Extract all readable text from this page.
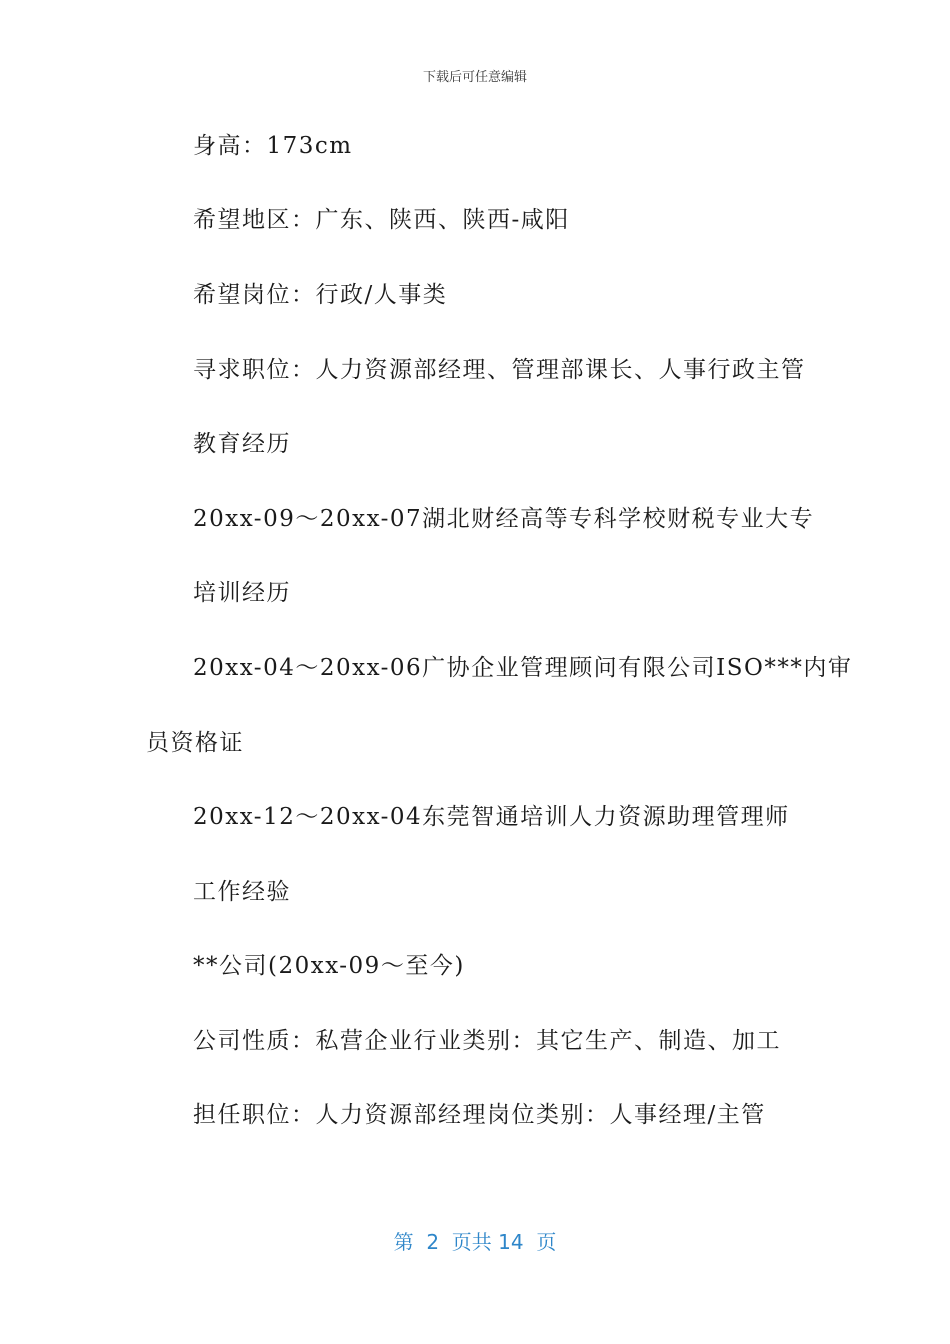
下载后可任意编辑
身高：173cm
希望地区：广东、陕西、陕西-咸阳
希望岗位：行政/人事类
寻求职位：人力资源部经理、管理部课长、人事行政主管
教育经历
20xx-09～20xx-07湖北财经高等专科学校财税专业大专
培训经历
20xx-04～20xx-06广协企业管理顾问有限公司ISO***内审
员资格证
20xx-12～20xx-04东莞智通培训人力资源助理管理师
工作经验
**公司(20xx-09～至今)
公司性质：私营企业行业类别：其它生产、制造、加工
担任职位：人力资源部经理岗位类别：人事经理/主管
第  2  页共 14  页
